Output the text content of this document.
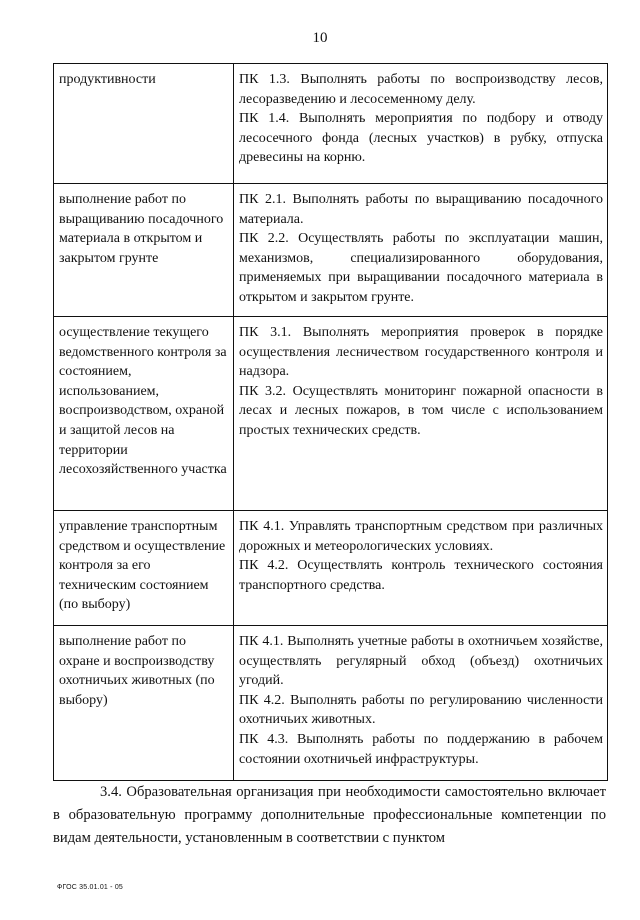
10
продуктивности	ПК 1.3. Выполнять работы по воспроизводству лесов, лесоразведению и лесосеменному делу.
ПК 1.4. Выполнять мероприятия по подбору и отводу лесосечного фонда (лесных участков) в рубку, отпуска древесины на корню.

выполнение работ по выращиванию посадочного материала в открытом и закрытом грунте	ПК 2.1. Выполнять работы по выращиванию посадочного материала.
ПК 2.2. Осуществлять работы по эксплуатации машин, механизмов, специализированного оборудования, применяемых при выращивании посадочного материала в открытом и закрытом грунте.

осуществление текущего ведомственного контроля за состоянием, использованием, воспроизводством, охраной и защитой лесов на территории лесохозяйственного участка	ПК 3.1. Выполнять мероприятия проверок в порядке осуществления лесничеством государственного контроля и надзора.
ПК 3.2. Осуществлять мониторинг пожарной опасности в лесах и лесных пожаров, в том числе с использованием простых технических средств.

управление транспортным средством и осуществление контроля за его техническим состоянием (по выбору)	ПК 4.1. Управлять транспортным средством при различных дорожных и метеорологических условиях.
ПК 4.2. Осуществлять контроль технического состояния транспортного средства.

выполнение работ по охране и воспроизводству охотничьих животных (по выбору)	ПК 4.1. Выполнять учетные работы в охотничьем хозяйстве, осуществлять регулярный обход (объезд) охотничьих угодий.
ПК 4.2. Выполнять работы по регулированию численности охотничьих животных.
ПК 4.3. Выполнять работы по поддержанию в рабочем состоянии охотничьей инфраструктуры.

3.4. Образовательная организация при необходимости самостоятельно включает в образовательную программу дополнительные профессиональные компетенции по видам деятельности, установленным в соответствии с пунктом

ФГОС 35.01.01 - 05
